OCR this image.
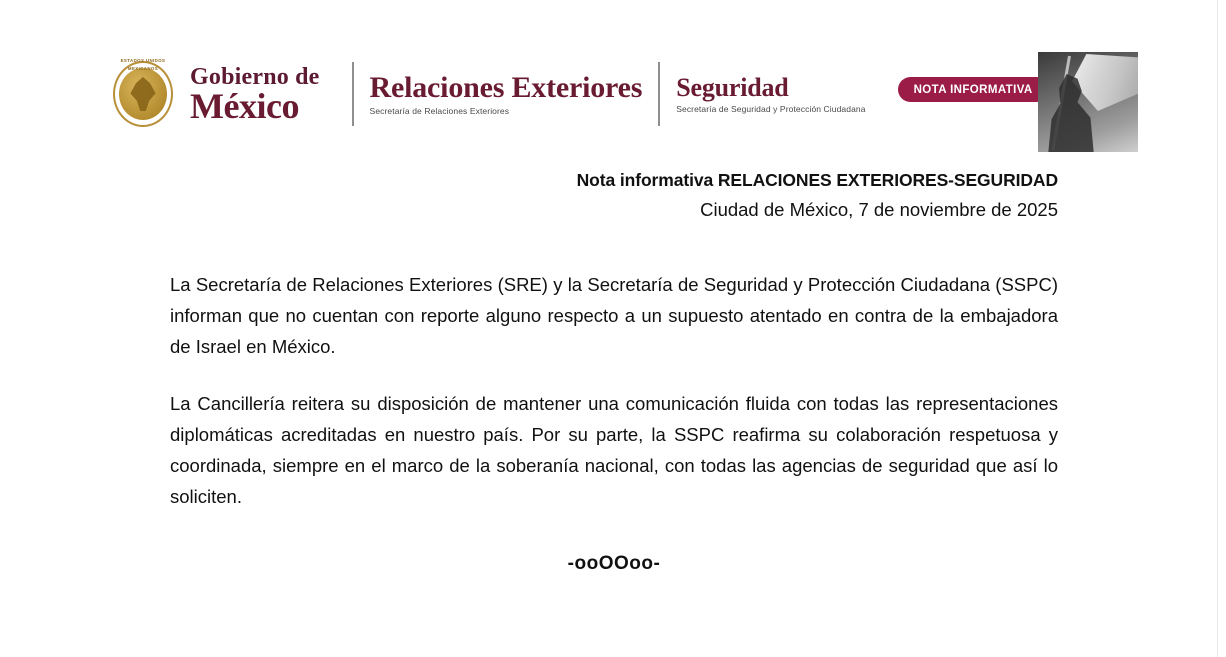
ESTADOS UNIDOS MEXICANOS	Gobierno de
México	Relaciones Exteriores
Secretaría de Relaciones Exteriores
Seguridad
Secretaría de Seguridad y Protección Ciudadana
NOTA INFORMATIVA
Nota informativa RELACIONES EXTERIORES-SEGURIDAD
Ciudad de México, 7 de noviembre de 2025

La Secretaría de Relaciones Exteriores (SRE) y la Secretaría de Seguridad y Protección Ciudadana (SSPC) informan que no cuentan con reporte alguno respecto a un supuesto atentado en contra de la embajadora de Israel en México.

La Cancillería reitera su disposición de mantener una comunicación fluida con todas las representaciones diplomáticas acreditadas en nuestro país. Por su parte, la SSPC reafirma su colaboración respetuosa y coordinada, siempre en el marco de la soberanía nacional, con todas las agencias de seguridad que así lo soliciten.

-ooOOoo-
